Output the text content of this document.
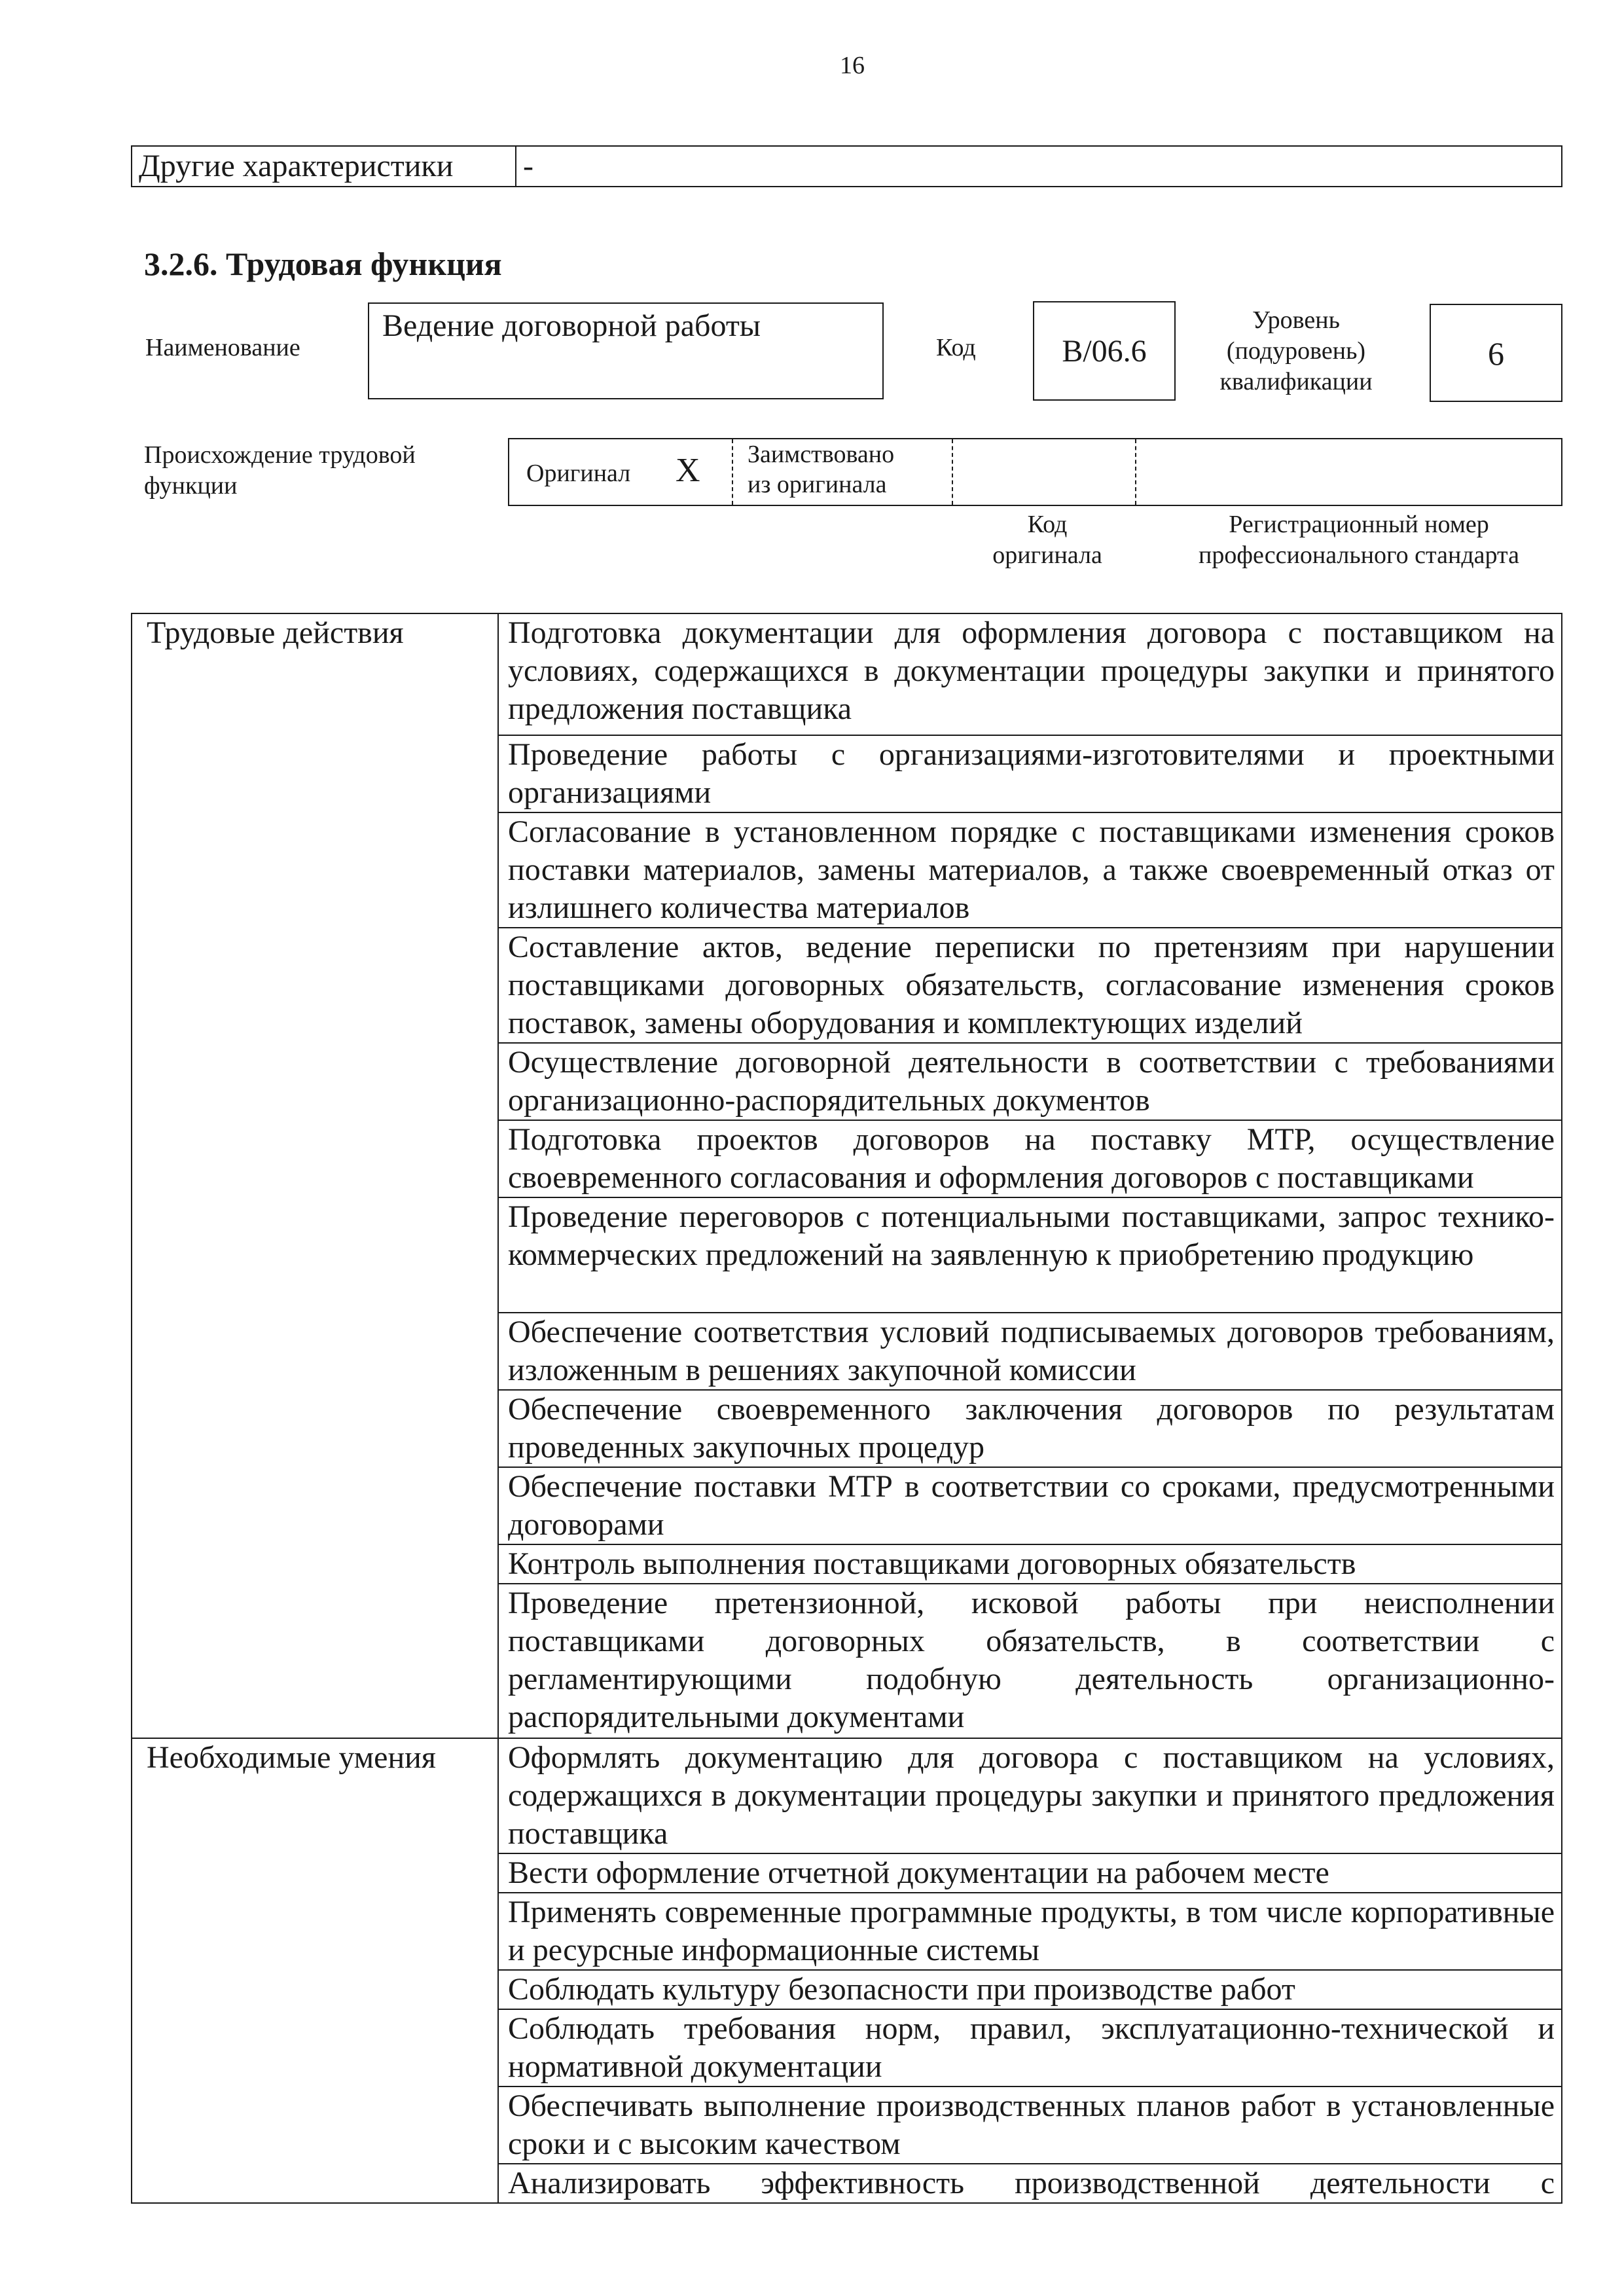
16
Другие характеристики	-
3.2.6. Трудовая функция
Наименование
Ведение договорной работы
Код	В/06.6
Уровень
(подуровень)
квалификации
6
Происхождение трудовой
функции	Оригинал Х Заимствовано
из оригинала
Код
оригинала
Регистрационный номер
профессионального стандарта
Трудовые действия	Подготовка документации для оформления договора с поставщиком на условиях, содержащихся в документации процедуры закупки и принятого предложения поставщика
	Проведение работы с организациями-изготовителями и проектными организациями
	Согласование в установленном порядке с поставщиками изменения сроков поставки материалов, замены материалов, а также своевременный отказ от излишнего количества материалов
	Составление актов, ведение переписки по претензиям при нарушении поставщиками договорных обязательств, согласование изменения сроков поставок, замены оборудования и комплектующих изделий
	Осуществление договорной деятельности в соответствии с требованиями организационно-распорядительных документов
	Подготовка проектов договоров на поставку МТР, осуществление своевременного согласования и оформления договоров с поставщиками
	Проведение переговоров с потенциальными поставщиками, запрос технико-коммерческих предложений на заявленную к приобретению продукцию
	Обеспечение соответствия условий подписываемых договоров требованиям, изложенным в решениях закупочной комиссии
	Обеспечение своевременного заключения договоров по результатам проведенных закупочных процедур
	Обеспечение поставки МТР в соответствии со сроками, предусмотренными договорами
	Контроль выполнения поставщиками договорных обязательств
	Проведение претензионной, исковой работы при неисполнении поставщиками договорных обязательств, в соответствии с регламентирующими подобную деятельность организационно-распорядительными документами
Необходимые умения	Оформлять документацию для договора с поставщиком на условиях, содержащихся в документации процедуры закупки и принятого предложения поставщика
	Вести оформление отчетной документации на рабочем месте
	Применять современные программные продукты, в том числе корпоративные и ресурсные информационные системы
	Соблюдать культуру безопасности при производстве работ
	Соблюдать требования норм, правил, эксплуатационно-технической и нормативной документации
	Обеспечивать выполнение производственных планов работ в установленные сроки и с высоким качеством
	Анализировать эффективность производственной деятельности с
